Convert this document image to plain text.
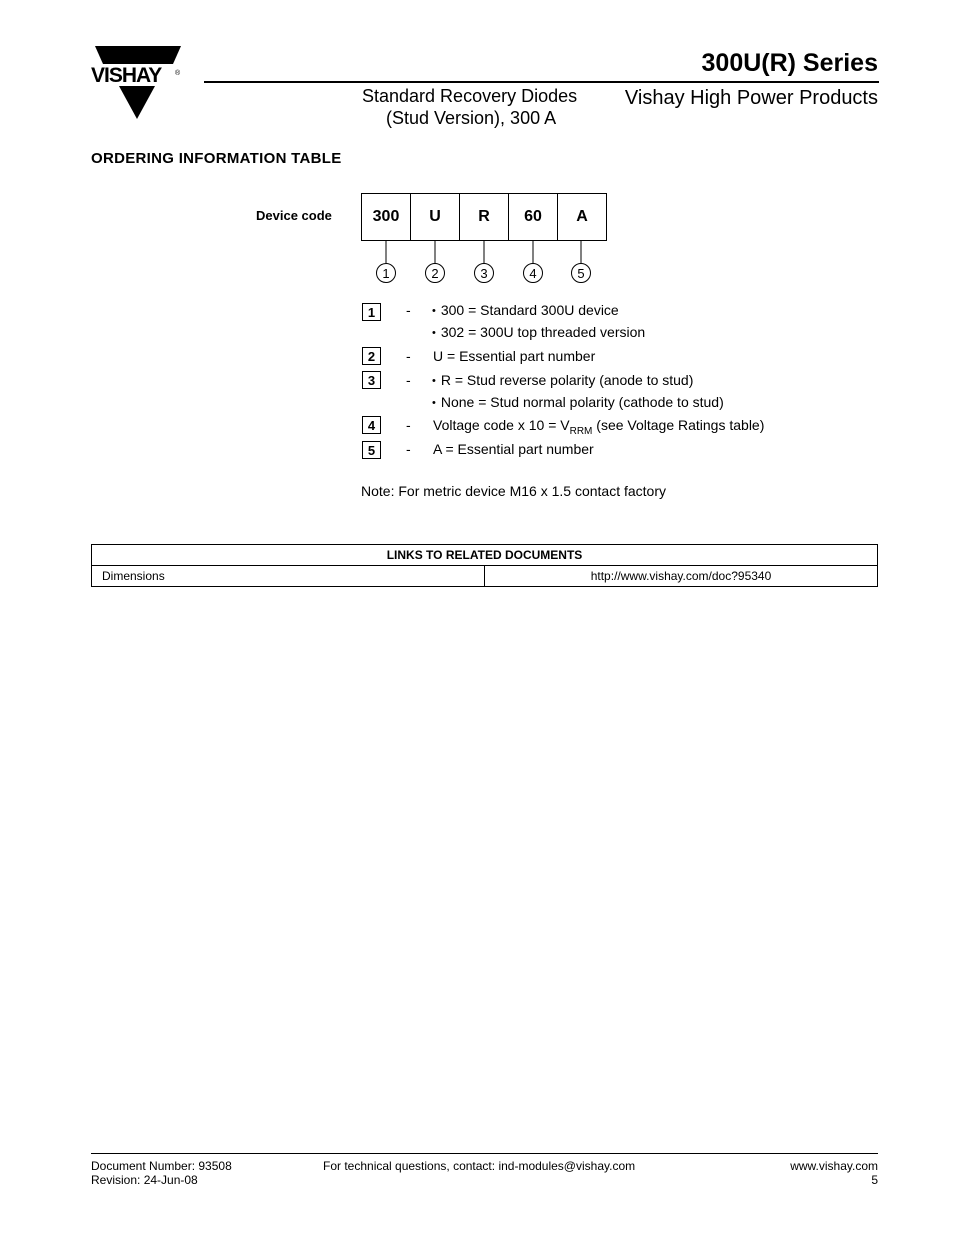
VISHAY ®	300U(R) Series
Standard Recovery Diodes
(Stud Version), 300 A
Vishay High Power Products
ORDERING INFORMATION TABLE
Device code	300	U	R	60	A
1	2	3	4	5
1	-	• 300 = Standard 300U device
• 302 = 300U top threaded version
2	- U = Essential part number
3	-	• R = Stud reverse polarity (anode to stud)
• None = Stud normal polarity (cathode to stud)
4	- Voltage code x $10 = V_{RRM}$ (see Voltage Ratings table)
5	- A = Essential part number
Note: For metric device M16 x 1.5 contact factory
LINKS TO RELATED DOCUMENTS
Dimensions	http://www.vishay.com/doc?95340
Document Number: 93508
Revision: 24-Jun-08
For technical questions, contact: ind-modules@vishay.com	www.vishay.com
5
